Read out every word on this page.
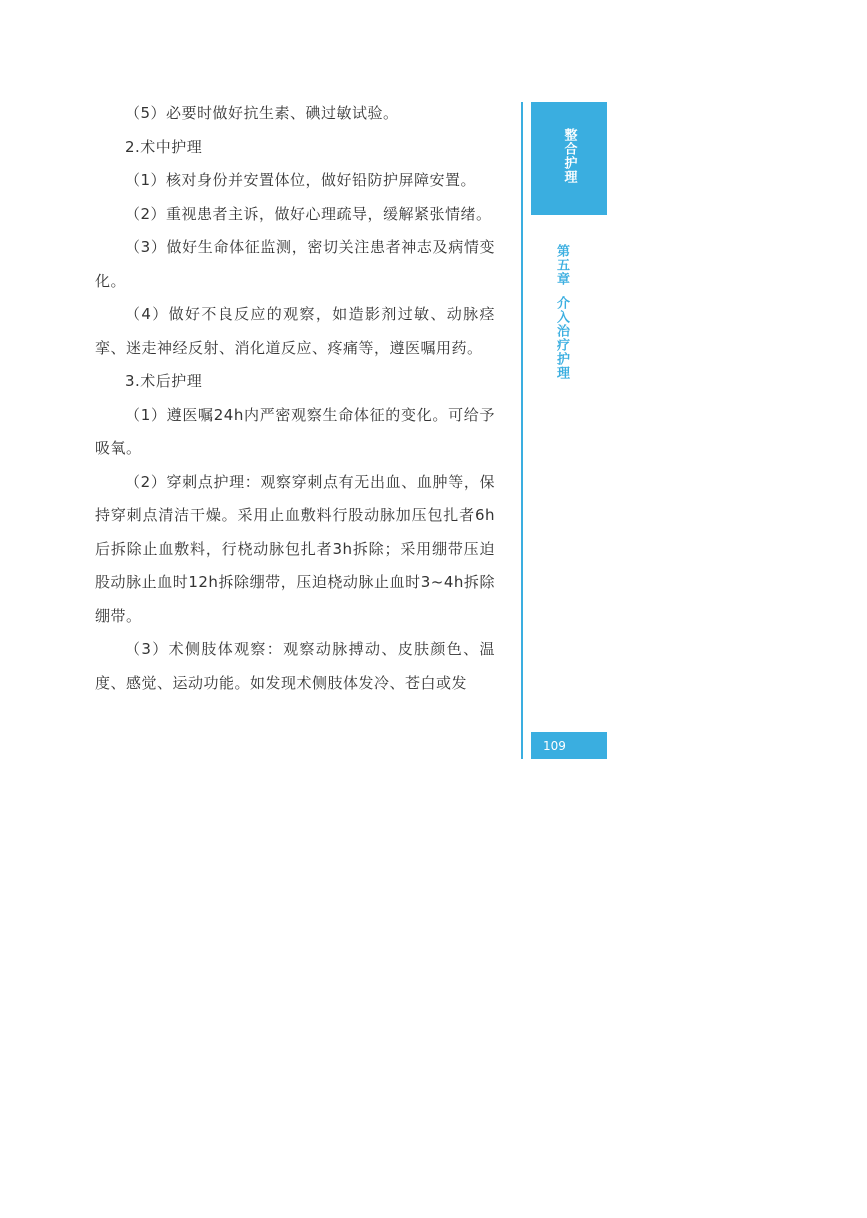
（5）必要时做好抗生素、碘过敏试验。

2.术中护理

（1）核对身份并安置体位，做好铅防护屏障安置。

（2）重视患者主诉，做好心理疏导，缓解紧张情绪。

（3）做好生命体征监测，密切关注患者神志及病情变化。

（4）做好不良反应的观察，如造影剂过敏、动脉痉挛、迷走神经反射、消化道反应、疼痛等，遵医嘱用药。

3.术后护理

（1）遵医嘱24h内严密观察生命体征的变化。可给予吸氧。

（2）穿刺点护理：观察穿刺点有无出血、血肿等，保持穿刺点清洁干燥。采用止血敷料行股动脉加压包扎者6h后拆除止血敷料，行桡动脉包扎者3h拆除；采用绷带压迫股动脉止血时12h拆除绷带，压迫桡动脉止血时3~4h拆除绷带。

（3）术侧肢体观察：观察动脉搏动、皮肤颜色、温度、感觉、运动功能。如发现术侧肢体发冷、苍白或发

整合护理
第五章介入治疗护理
109
